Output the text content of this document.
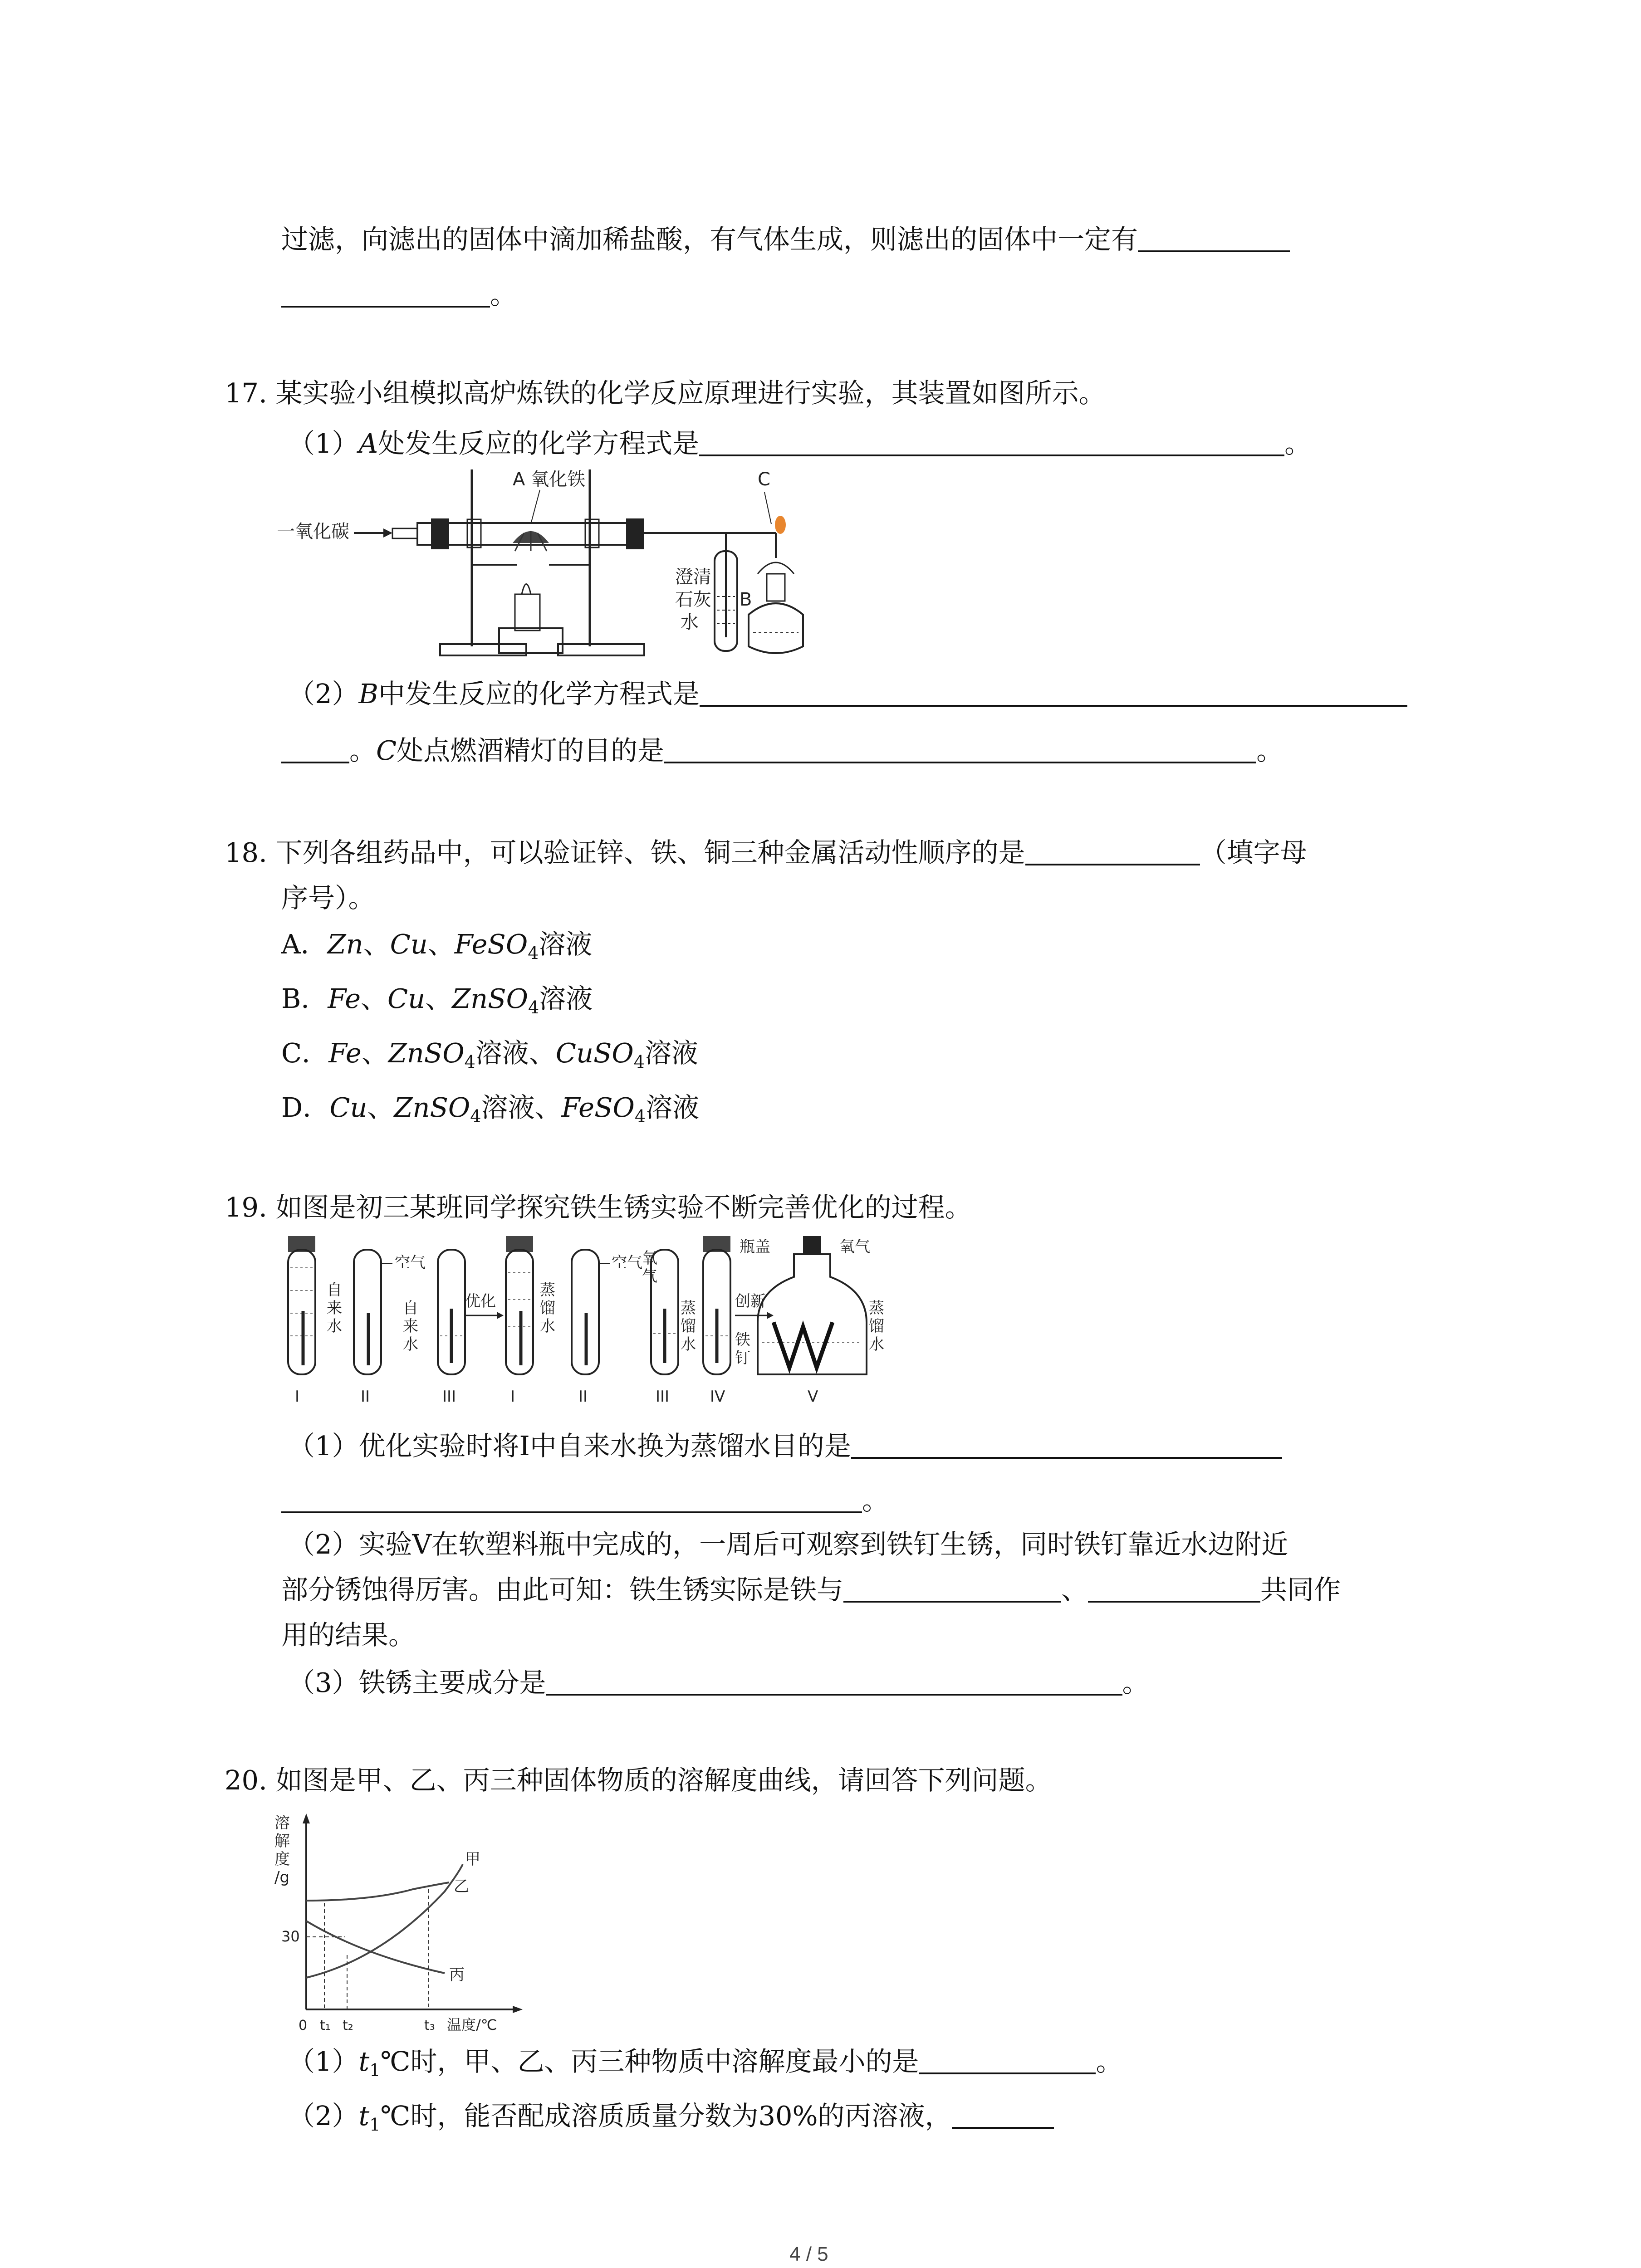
过滤，向滤出的固体中滴加稀盐酸，有气体生成，则滤出的固体中一定有
。
17. 某实验小组模拟高炉炼铁的化学反应原理进行实验，其装置如图所示。
（1）A处发生反应的化学方程式是	。
一氧化碳
A 氧化铁
澄清
石灰
水
B
C
（2）B中发生反应的化学方程式是
。C处点燃酒精灯的目的是	。
18. 下列各组药品中，可以验证锌、铁、铜三种金属活动性顺序的是	（填字母
序号）。
A．Zn、Cu、FeSO$_4$溶液
B．Fe、Cu、ZnSO$_4$溶液
C．Fe、ZnSO$_4$溶液、CuSO$_4$溶液
D．Cu、ZnSO$_4$溶液、FeSO$_4$溶液
19. 如图是初三某班同学探究铁生锈实验不断完善优化的过程。
自
来
水
I
空气
II
自
来
水
III
优化
蒸
馏
水
I
空气
II
氧
气
蒸
馏
水
III	IV
创新
铁
钉
瓶盖	氧气
蒸
馏
水
V
（1）优化实验时将Ⅰ中自来水换为蒸馏水目的是
。
（2）实验Ⅴ在软塑料瓶中完成的，一周后可观察到铁钉生锈，同时铁钉靠近水边附近
部分锈蚀得厉害。由此可知：铁生锈实际是铁与	、	共同作
用的结果。
（3）铁锈主要成分是	。
20. 如图是甲、乙、丙三种固体物质的溶解度曲线，请回答下列问题。
溶
解
度
/g
30
甲
乙
丙
0 t₁ t₂	t₃ 温度/℃
$(1)t_1℃$时，甲、乙、丙三种物质中溶解度最小的是	。
$(2)t_1℃$时，能否配成溶质质量分数为30%的丙溶液，
4 / 5
